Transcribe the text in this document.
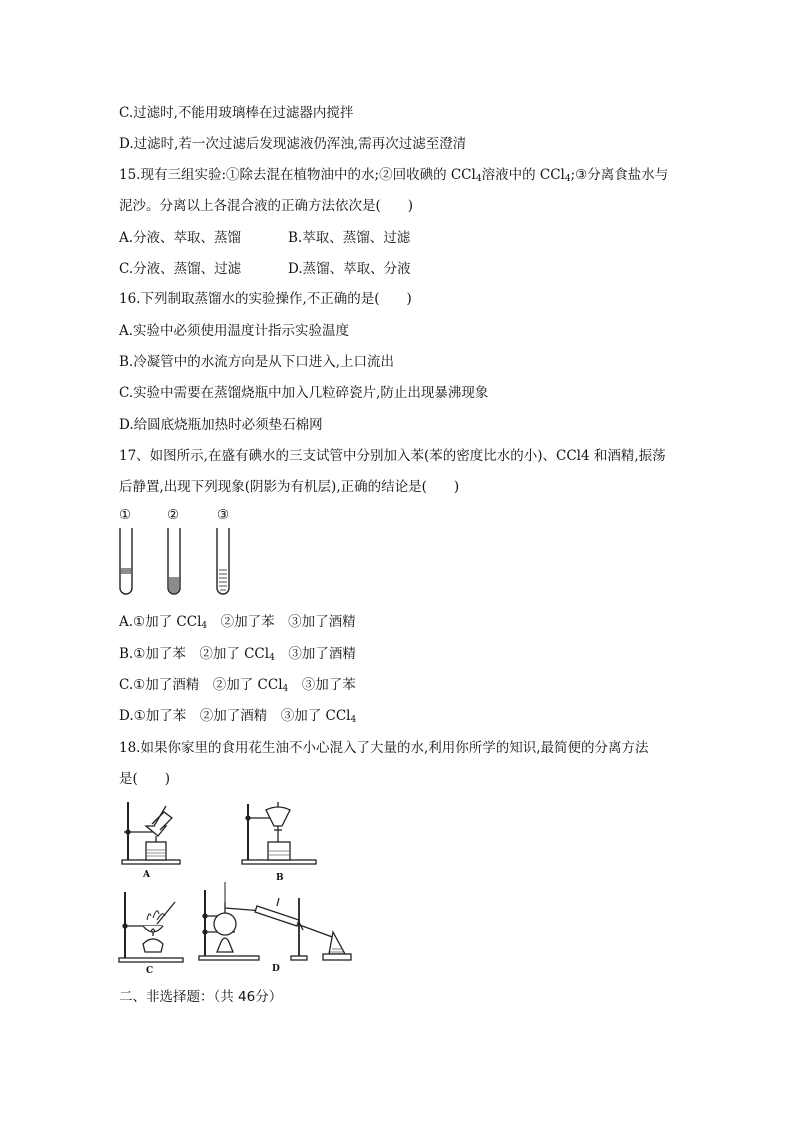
C.过滤时,不能用玻璃棒在过滤器内搅拌
D.过滤时,若一次过滤后发现滤液仍浑浊,需再次过滤至澄清
15.现有三组实验:①除去混在植物油中的水;②回收碘的 CCl$_4$溶液中的 CCl$_4$;③分离食盐水与
泥沙。分离以上各混合液的正确方法依次是(　　)
A.分液、萃取、蒸馏	B.萃取、蒸馏、过滤
C.分液、蒸馏、过滤	D.蒸馏、萃取、分液
16.下列制取蒸馏水的实验操作,不正确的是(　　)
A.实验中必须使用温度计指示实验温度
B.冷凝管中的水流方向是从下口进入,上口流出
C.实验中需要在蒸馏烧瓶中加入几粒碎瓷片,防止出现暴沸现象
D.给圆底烧瓶加热时必须垫石棉网
17、如图所示,在盛有碘水的三支试管中分别加入苯(苯的密度比水的小)、CCl4 和酒精,振荡
后静置,出现下列现象(阴影为有机层),正确的结论是(　　)
①	②	③
A.①加了 CCl$_4$　②加了苯　③加了酒精
B.①加了苯　②加了 CCl$_4$　③加了酒精
C.①加了酒精　②加了 CCl$_4$　③加了苯
D.①加了苯　②加了酒精　③加了 CCl$_4$
18.如果你家里的食用花生油不小心混入了大量的水,利用你所学的知识,最简便的分离方法
是(　　)
A	B
C	D
二、非选择题：（共 46分）
